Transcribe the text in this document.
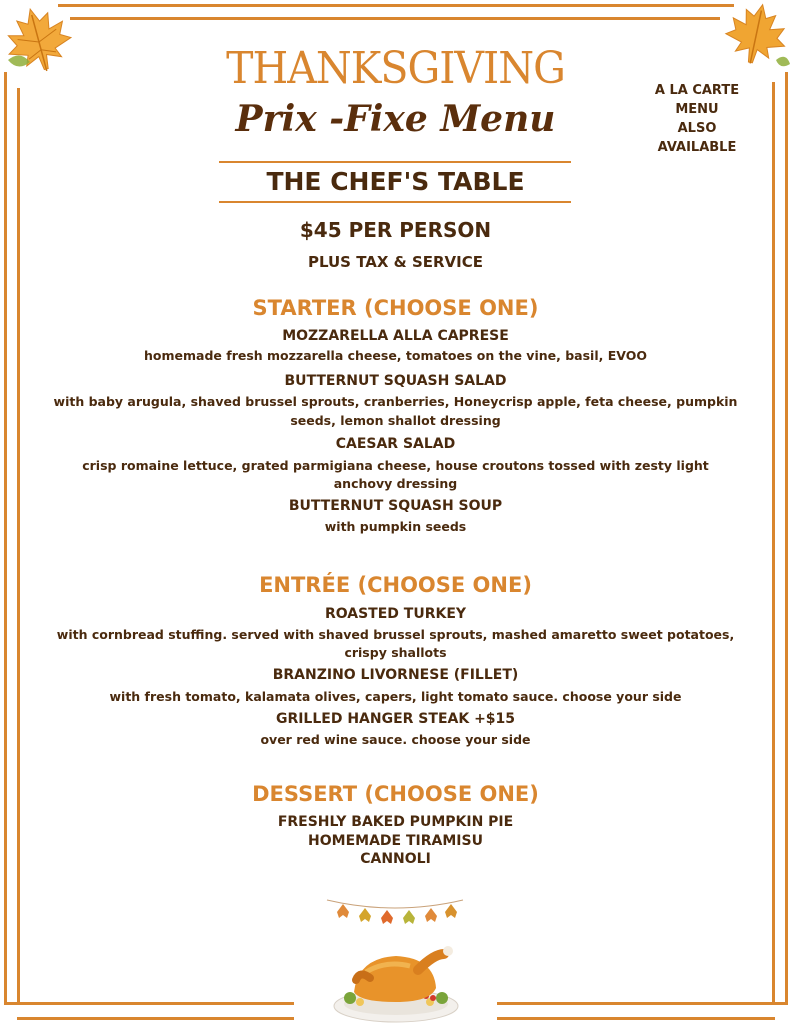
THANKSGIVING
Prix -Fixe Menu
A LA CARTE
MENU
ALSO
AVAILABLE
THE CHEF'S TABLE
$45 PER PERSON
PLUS TAX & SERVICE
STARTER (CHOOSE ONE)
MOZZARELLA ALLA CAPRESE
homemade fresh mozzarella cheese, tomatoes on the vine, basil, EVOO
BUTTERNUT SQUASH SALAD
with baby arugula, shaved brussel sprouts, cranberries, Honeycrisp apple, feta cheese, pumpkin
seeds, lemon shallot dressing
CAESAR SALAD
crisp romaine lettuce, grated parmigiana cheese, house croutons tossed with zesty light
anchovy dressing
BUTTERNUT SQUASH SOUP
with pumpkin seeds
ENTRÉE (CHOOSE ONE)
ROASTED TURKEY
with cornbread stuffing. served with shaved brussel sprouts, mashed amaretto sweet potatoes,
crispy shallots
BRANZINO LIVORNESE (FILLET)
with fresh tomato, kalamata olives, capers, light tomato sauce. choose your side
GRILLED HANGER STEAK +$15
over red wine sauce. choose your side
DESSERT (CHOOSE ONE)
FRESHLY BAKED PUMPKIN PIE
HOMEMADE TIRAMISU
CANNOLI
